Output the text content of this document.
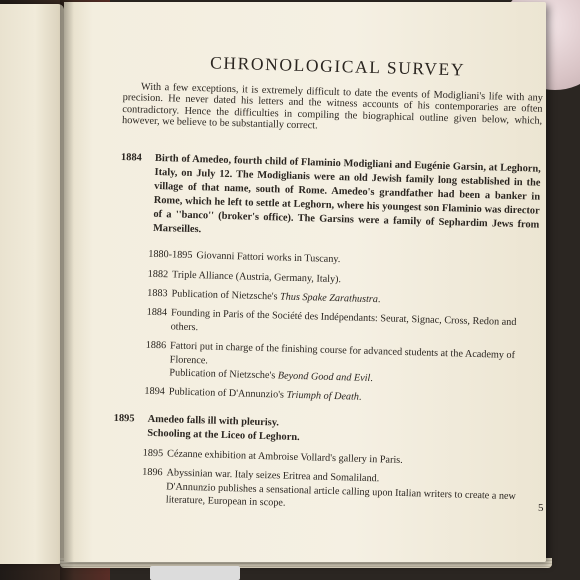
5
CHRONOLOGICAL SURVEY

With a few exceptions, it is extremely difficult to date the events of Modigliani's life with any precision. He never dated his letters and the witness accounts of his contemporaries are often contradictory. Hence the difficulties in compiling the biographical outline given below, which, however, we believe to be substantially correct.

1884	Birth of Amedeo, fourth child of Flaminio Modigliani and Eugénie Garsin, at Leghorn, Italy, on July 12. The Modiglianis were an old Jewish family long established in the village of that name, south of Rome. Amedeo's grandfather had been a banker in Rome, which he left to settle at Leghorn, where his youngest son Flaminio was director of a ''banco'' (broker's office). The Garsins were a family of Sephardim Jews from Marseilles.
1880-1895 Giovanni Fattori works in Tuscany.
1882 Triple Alliance (Austria, Germany, Italy).
1883 Publication of Nietzsche's Thus Spake Zarathustra.
1884 Founding in Paris of the Société des Indépendants: Seurat, Signac, Cross, Redon and others.
1886 Fattori put in charge of the finishing course for advanced students at the Academy of Florence.
Publication of Nietzsche's Beyond Good and Evil.
1894 Publication of D'Annunzio's Triumph of Death.
1895	Amedeo falls ill with pleurisy.
Schooling at the Liceo of Leghorn.
1895 Cézanne exhibition at Ambroise Vollard's gallery in Paris.
1896 Abyssinian war. Italy seizes Eritrea and Somaliland.
D'Annunzio publishes a sensational article calling upon Italian writers to create a new literature, European in scope.
